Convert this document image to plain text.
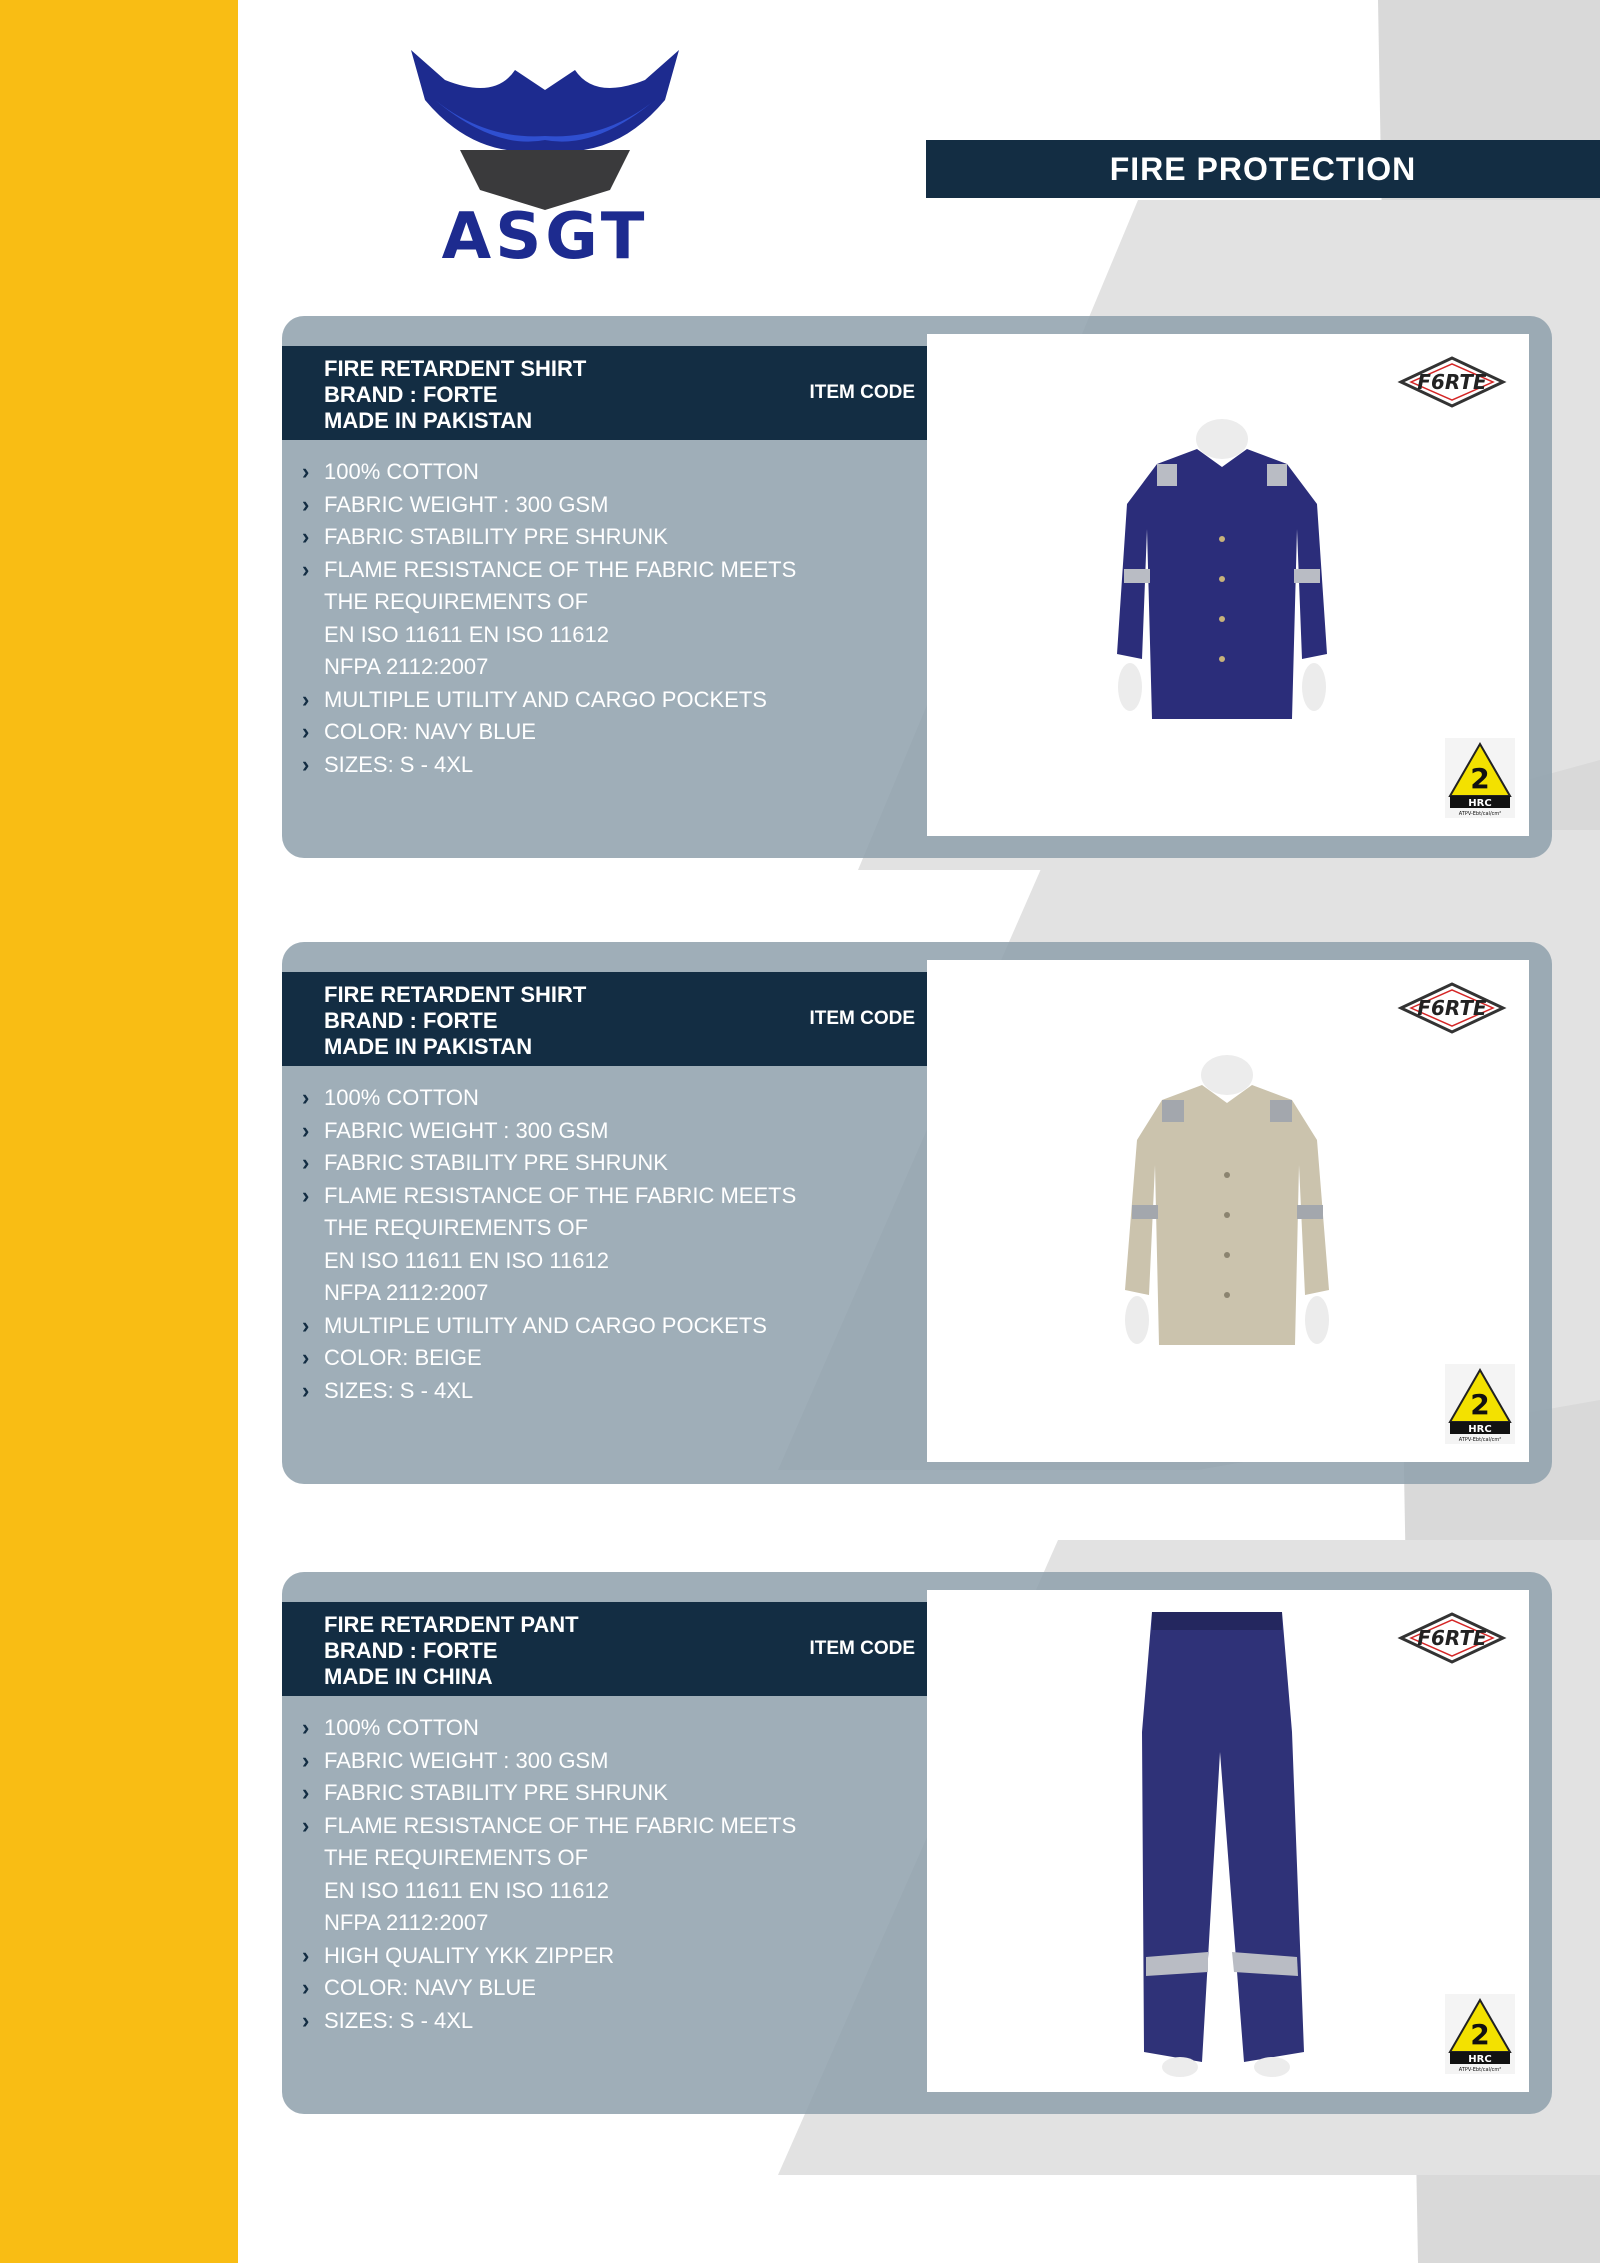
ASGT
FIRE PROTECTION
FIRE RETARDENT SHIRT
BRAND : FORTE
MADE IN PAKISTAN
ITEM CODE
› 100% COTTON
› FABRIC WEIGHT : 300 GSM
› FABRIC STABILITY PRE SHRUNK
› FLAME RESISTANCE OF THE FABRIC MEETS
THE REQUIREMENTS OF
EN ISO 11611 EN ISO 11612
NFPA 2112:2007
› MULTIPLE UTILITY AND CARGO POCKETS
› COLOR: NAVY BLUE
› SIZES: S - 4XL
F6RTE
2
HRC
ATPV-Ebt/cal/cm²
FIRE RETARDENT SHIRT
BRAND : FORTE
MADE IN PAKISTAN
ITEM CODE
› 100% COTTON
› FABRIC WEIGHT : 300 GSM
› FABRIC STABILITY PRE SHRUNK
› FLAME RESISTANCE OF THE FABRIC MEETS
THE REQUIREMENTS OF
EN ISO 11611 EN ISO 11612
NFPA 2112:2007
› MULTIPLE UTILITY AND CARGO POCKETS
› COLOR: BEIGE
› SIZES: S - 4XL
F6RTE
2
HRC
ATPV-Ebt/cal/cm²
FIRE RETARDENT PANT
BRAND : FORTE
MADE IN CHINA
ITEM CODE
› 100% COTTON
› FABRIC WEIGHT : 300 GSM
› FABRIC STABILITY PRE SHRUNK
› FLAME RESISTANCE OF THE FABRIC MEETS
THE REQUIREMENTS OF
EN ISO 11611 EN ISO 11612
NFPA 2112:2007
› HIGH QUALITY YKK ZIPPER
› COLOR: NAVY BLUE
› SIZES: S - 4XL
F6RTE
2
HRC
ATPV-Ebt/cal/cm²
